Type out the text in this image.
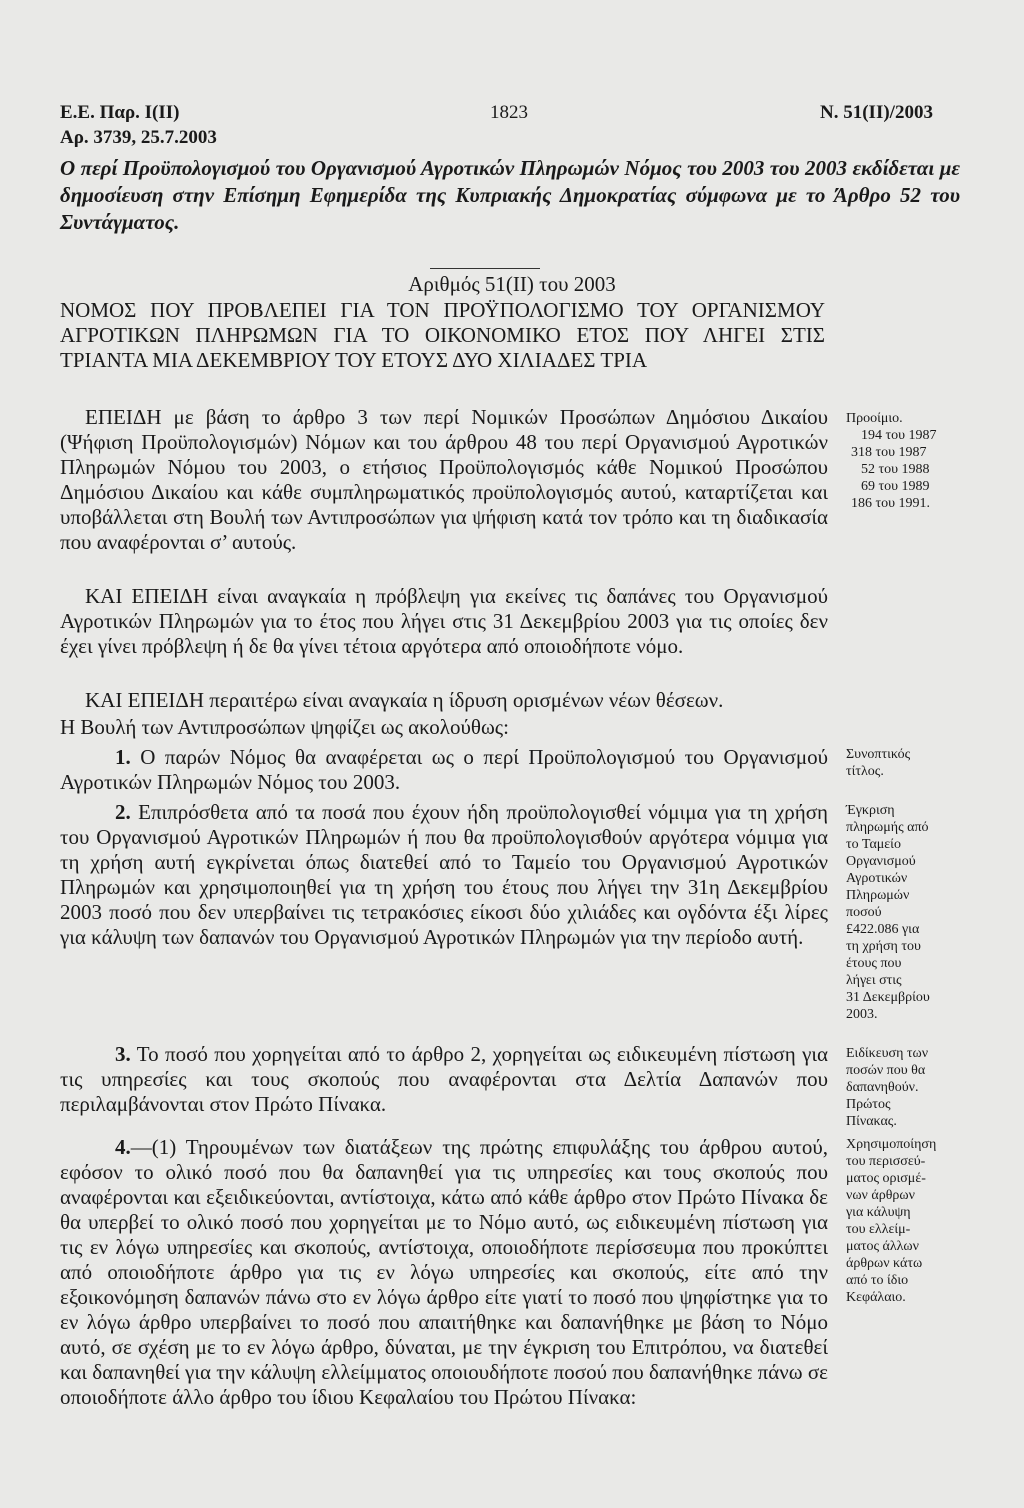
Ε.Ε. Παρ. Ι(ΙΙ)
Αρ. 3739, 25.7.2003
1823	Ν. 51(ΙΙ)/2003
Ο περί Προϋπολογισμού του Οργανισμού Αγροτικών Πληρωμών Νόμος του 2003 του 2003 εκδίδεται με δημοσίευση στην Επίσημη Εφημερίδα της Κυπριακής Δημοκρατίας σύμφωνα με το Άρθρο 52 του Συντάγματος.
Αριθμός 51(ΙΙ) του 2003
ΝΟΜΟΣ ΠΟΥ ΠΡΟΒΛΕΠΕΙ ΓΙΑ ΤΟΝ ΠΡΟΫΠΟΛΟΓΙΣΜΟ ΤΟΥ ΟΡΓΑΝΙΣΜΟΥ ΑΓΡΟΤΙΚΩΝ ΠΛΗΡΩΜΩΝ ΓΙΑ ΤΟ ΟΙΚΟΝΟΜΙΚΟ ΕΤΟΣ ΠΟΥ ΛΗΓΕΙ ΣΤΙΣ ΤΡΙΑΝΤΑ ΜΙΑ ΔΕΚΕΜΒΡΙΟΥ ΤΟΥ ΕΤΟΥΣ ΔΥΟ ΧΙΛΙΑΔΕΣ ΤΡΙΑ

ΕΠΕΙΔΗ με βάση το άρθρο 3 των περί Νομικών Προσώπων Δημόσιου Δικαίου (Ψήφιση Προϋπολογισμών) Νόμων και του άρθρου 48 του περί Οργανισμού Αγροτικών Πληρωμών Νόμου του 2003, ο ετήσιος Προϋπολογισμός κάθε Νομικού Προσώπου Δημόσιου Δικαίου και κάθε συμπληρωματικός προϋπολογισμός αυτού, καταρτίζεται και υποβάλλεται στη Βουλή των Αντιπροσώπων για ψήφιση κατά τον τρόπο και τη διαδικασία που αναφέρονται σ’ αυτούς.

ΚΑΙ ΕΠΕΙΔΗ είναι αναγκαία η πρόβλεψη για εκείνες τις δαπάνες του Οργανισμού Αγροτικών Πληρωμών για το έτος που λήγει στις 31 Δεκεμβρίου 2003 για τις οποίες δεν έχει γίνει πρόβλεψη ή δε θα γίνει τέτοια αργότερα από οποιοδήποτε νόμο.

ΚΑΙ ΕΠΕΙΔΗ περαιτέρω είναι αναγκαία η ίδρυση ορισμένων νέων θέσεων.

Η Βουλή των Αντιπροσώπων ψηφίζει ως ακολούθως:

1. Ο παρών Νόμος θα αναφέρεται ως ο περί Προϋπολογισμού του Οργανισμού Αγροτικών Πληρωμών Νόμος του 2003.

2. Επιπρόσθετα από τα ποσά που έχουν ήδη προϋπολογισθεί νόμιμα για τη χρήση του Οργανισμού Αγροτικών Πληρωμών ή που θα προϋπολογισθούν αργότερα νόμιμα για τη χρήση αυτή εγκρίνεται όπως διατεθεί από το Ταμείο του Οργανισμού Αγροτικών Πληρωμών και χρησιμοποιηθεί για τη χρήση του έτους που λήγει την 31η Δεκεμβρίου 2003 ποσό που δεν υπερβαίνει τις τετρακόσιες είκοσι δύο χιλιάδες και ογδόντα έξι λίρες για κάλυψη των δαπανών του Οργανισμού Αγροτικών Πληρωμών για την περίοδο αυτή.

3. Το ποσό που χορηγείται από το άρθρο 2, χορηγείται ως ειδικευμένη πίστωση για τις υπηρεσίες και τους σκοπούς που αναφέρονται στα Δελτία Δαπανών που περιλαμβάνονται στον Πρώτο Πίνακα.

4.—(1) Τηρουμένων των διατάξεων της πρώτης επιφυλάξης του άρθρου αυτού, εφόσον το ολικό ποσό που θα δαπανηθεί για τις υπηρεσίες και τους σκοπούς που αναφέρονται και εξειδικεύονται, αντίστοιχα, κάτω από κάθε άρθρο στον Πρώτο Πίνακα δε θα υπερβεί το ολικό ποσό που χορηγείται με το Νόμο αυτό, ως ειδικευμένη πίστωση για τις εν λόγω υπηρεσίες και σκοπούς, αντίστοιχα, οποιοδήποτε περίσσευμα που προκύπτει από οποιοδήποτε άρθρο για τις εν λόγω υπηρεσίες και σκοπούς, είτε από την εξοικονόμηση δαπανών πάνω στο εν λόγω άρθρο είτε γιατί το ποσό που ψηφίστηκε για το εν λόγω άρθρο υπερβαίνει το ποσό που απαιτήθηκε και δαπανήθηκε με βάση το Νόμο αυτό, σε σχέση με το εν λόγω άρθρο, δύναται, με την έγκριση του Επιτρόπου, να διατεθεί και δαπανηθεί για την κάλυψη ελλείμματος οποιουδήποτε ποσού που δαπανήθηκε πάνω σε οποιοδήποτε άλλο άρθρο του ίδιου Κεφαλαίου του Πρώτου Πίνακα:

Προοίμιο.
194 του 1987
318 του 1987
52 του 1988
69 του 1989
186 του 1991.
Συνοπτικός
τίτλος.
Έγκριση
πληρωμής από
το Ταμείο
Οργανισμού
Αγροτικών
Πληρωμών
ποσού
£422.086 για
τη χρήση του
έτους που
λήγει στις
31 Δεκεμβρίου
2003.
Ειδίκευση των
ποσών που θα
δαπανηθούν.
Πρώτος
Πίνακας.
Χρησιμοποίηση
του περισσεύ-
ματος ορισμέ-
νων άρθρων
για κάλυψη
του ελλείμ-
ματος άλλων
άρθρων κάτω
από το ίδιο
Κεφάλαιο.
